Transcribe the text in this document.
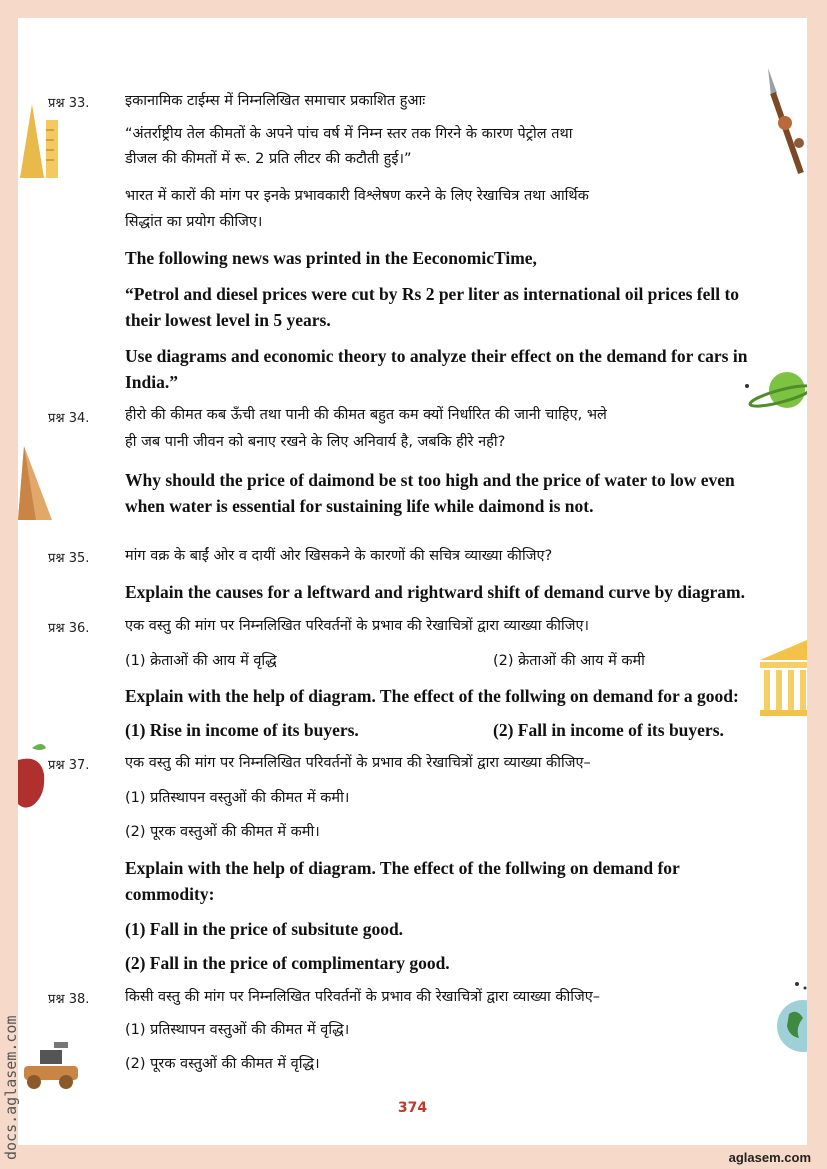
प्रश्न 33. इकानामिक टाईम्स में निम्नलिखित समाचार प्रकाशित हुआः
“अंतर्राष्ट्रीय तेल कीमतों के अपने पांच वर्ष में निम्न स्तर तक गिरने के कारण पेट्रोल तथा
डीजल की कीमतों में रू. 2 प्रति लीटर की कटौती हुई।”
भारत में कारों की मांग पर इनके प्रभावकारी विश्लेषण करने के लिए रेखाचित्र तथा आर्थिक
सिद्धांत का प्रयोग कीजिए।
The following news was printed in the EeconomicTime,
“Petrol and diesel prices were cut by Rs 2 per liter as international oil prices fell to
their lowest level in 5 years.
Use diagrams and economic theory to analyze their effect on the demand for cars in
India.”
प्रश्न 34. हीरो की कीमत कब ऊँची तथा पानी की कीमत बहुत कम क्यों निर्धारित की जानी चाहिए, भले
ही जब पानी जीवन को बनाए रखने के लिए अनिवार्य है, जबकि हीरे नही?
Why should the price of daimond be st too high and the price of water to low even
when water is essential for sustaining life while daimond is not.
प्रश्न 35. मांग वक्र के बाईं ओर व दायीं ओर खिसकने के कारणों की सचित्र व्याख्या कीजिए?
Explain the causes for a leftward and rightward shift of demand curve by diagram.
प्रश्न 36. एक वस्तु की मांग पर निम्नलिखित परिवर्तनों के प्रभाव की रेखाचित्रों द्वारा व्याख्या कीजिए।
(1) क्रेताओं की आय में वृद्धि	(2) क्रेताओं की आय में कमी
Explain with the help of diagram. The effect of the follwing on demand for a good:
(1) Rise in income of its buyers.	(2) Fall in income of its buyers.
प्रश्न 37. एक वस्तु की मांग पर निम्नलिखित परिवर्तनों के प्रभाव की रेखाचित्रों द्वारा व्याख्या कीजिए–
(1) प्रतिस्थापन वस्तुओं की कीमत में कमी।
(2) पूरक वस्तुओं की कीमत में कमी।
Explain with the help of diagram. The effect of the follwing on demand for
commodity:
(1) Fall in the price of subsitute good.
(2) Fall in the price of complimentary good.
प्रश्न 38. किसी वस्तु की मांग पर निम्नलिखित परिवर्तनों के प्रभाव की रेखाचित्रों द्वारा व्याख्या कीजिए–
(1) प्रतिस्थापन वस्तुओं की कीमत में वृद्धि।
(2) पूरक वस्तुओं की कीमत में वृद्धि।
374
docs.aglasem.com	aglasem.com
